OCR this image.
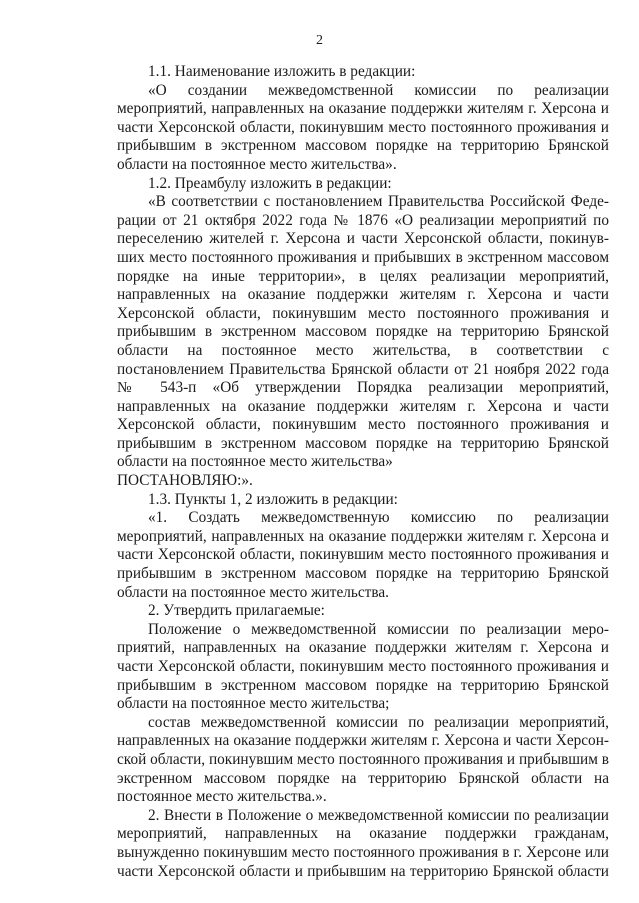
2

1.1. Наименование изложить в редакции:

«О создании межведомственной комиссии по реализации мероприятий, направленных на оказание поддержки жителям г. Херсона и части Херсонской области, покинувшим место постоянного проживания и прибывшим в экстренном массовом порядке на территорию Брянской области на постоянное место жительства».

1.2. Преамбулу изложить в редакции:

«В соответствии с постановлением Правительства Российской Федерации от 21 октября 2022 года № 1876 «О реализации мероприятий по переселению жителей г. Херсона и части Херсонской области, покинувших место постоянного проживания и прибывших в экстренном массовом порядке на иные территории», в целях реализации мероприятий, направленных на оказание поддержки жителям г. Херсона и части Херсонской области, покинувшим место постоянного проживания и прибывшим в экстренном массовом порядке на территорию Брянской области на постоянное место жительства, в соответствии с постановлением Правительства Брянской области от 21 ноября 2022 года № 543-п «Об утверждении Порядка реализации мероприятий, направленных на оказание поддержки жителям г. Херсона и части Херсонской области, покинувшим место постоянного проживания и прибывшим в экстренном массовом порядке на территорию Брянской области на постоянное место жительства»

ПОСТАНОВЛЯЮ:».

1.3. Пункты 1, 2 изложить в редакции:

«1. Создать межведомственную комиссию по реализации мероприятий, направленных на оказание поддержки жителям г. Херсона и части Херсонской области, покинувшим место постоянного проживания и прибывшим в экстренном массовом порядке на территорию Брянской области на постоянное место жительства.

2. Утвердить прилагаемые:

Положение о межведомственной комиссии по реализации мероприятий, направленных на оказание поддержки жителям г. Херсона и части Херсонской области, покинувшим место постоянного проживания и прибывшим в экстренном массовом порядке на территорию Брянской области на постоянное место жительства;

состав межведомственной комиссии по реализации мероприятий, направленных на оказание поддержки жителям г. Херсона и части Херсонской области, покинувшим место постоянного проживания и прибывшим в экстренном массовом порядке на территорию Брянской области на постоянное место жительства.».

2. Внести в Положение о межведомственной комиссии по реализации мероприятий, направленных на оказание поддержки гражданам, вынужденно покинувшим место постоянного проживания в г. Херсоне или части Херсонской области и прибывшим на территорию Брянской области
